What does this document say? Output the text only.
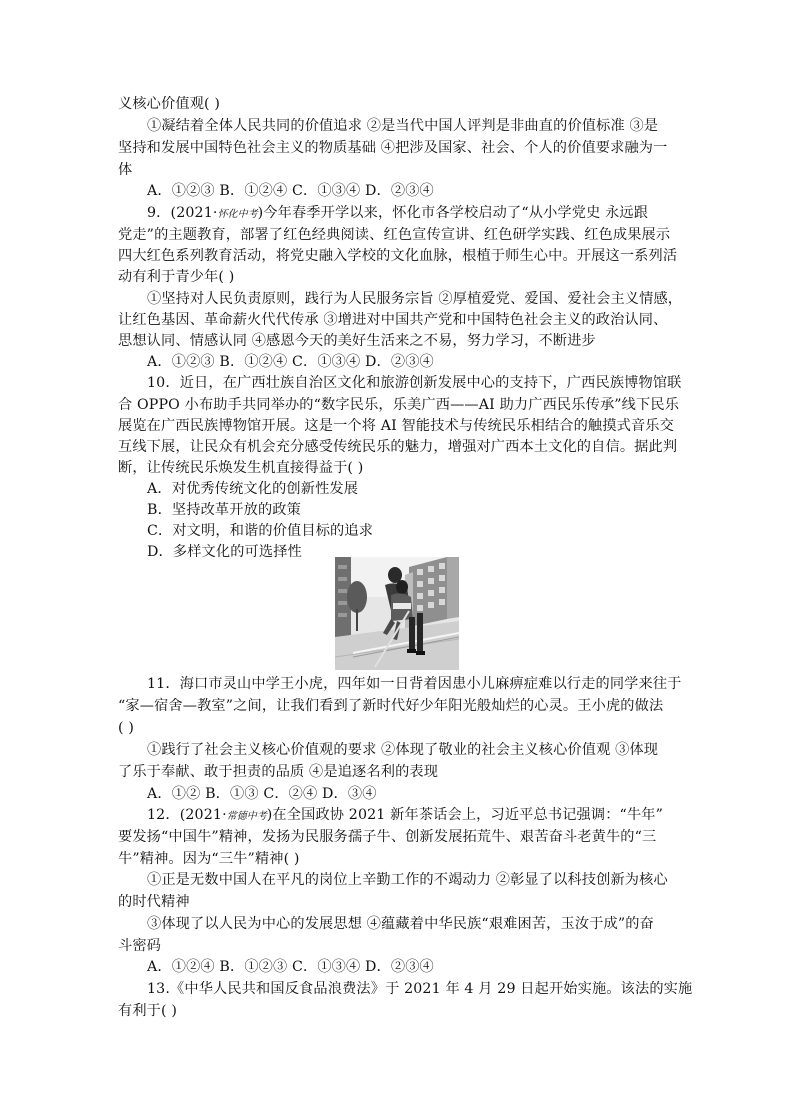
义核心价值观( )
①凝结着全体人民共同的价值追求 ②是当代中国人评判是非曲直的价值标准 ③是
坚持和发展中国特色社会主义的物质基础 ④把涉及国家、社会、个人的价值要求融为一
体
A．①②③ B．①②④ C．①③④ D．②③④
9．(2021·怀化中考)今年春季开学以来，怀化市各学校启动了“从小学党史 永远跟
党走”的主题教育，部署了红色经典阅读、红色宣传宣讲、红色研学实践、红色成果展示
四大红色系列教育活动，将党史融入学校的文化血脉，根植于师生心中。开展这一系列活
动有利于青少年( )
①坚持对人民负责原则，践行为人民服务宗旨 ②厚植爱党、爱国、爱社会主义情感，
让红色基因、革命薪火代代传承 ③增进对中国共产党和中国特色社会主义的政治认同、
思想认同、情感认同 ④感恩今天的美好生活来之不易，努力学习，不断进步
A．①②③ B．①②④ C．①③④ D．②③④
10．近日，在广西壮族自治区文化和旅游创新发展中心的支持下，广西民族博物馆联
合 OPPO 小布助手共同举办的“数字民乐，乐美广西——AI 助力广西民乐传承”线下民乐
展览在广西民族博物馆开展。这是一个将 AI 智能技术与传统民乐相结合的触摸式音乐交
互线下展，让民众有机会充分感受传统民乐的魅力，增强对广西本土文化的自信。据此判
断，让传统民乐焕发生机直接得益于( )
A．对优秀传统文化的创新性发展
B．坚持改革开放的政策
C．对文明，和谐的价值目标的追求
D．多样文化的可选择性
11．海口市灵山中学王小虎，四年如一日背着因患小儿麻痹症难以行走的同学来往于
“家—宿舍—教室”之间，让我们看到了新时代好少年阳光般灿烂的心灵。王小虎的做法
( )
①践行了社会主义核心价值观的要求 ②体现了敬业的社会主义核心价值观 ③体现
了乐于奉献、敢于担责的品质 ④是追逐名利的表现
A．①② B．①③ C．②④ D．③④
12．(2021·常德中考)在全国政协 2021 新年茶话会上，习近平总书记强调：“牛年”
要发扬“中国牛”精神，发扬为民服务孺子牛、创新发展拓荒牛、艰苦奋斗老黄牛的“三
牛”精神。因为“三牛”精神( )
①正是无数中国人在平凡的岗位上辛勤工作的不竭动力 ②彰显了以科技创新为核心
的时代精神
③体现了以人民为中心的发展思想 ④蕴藏着中华民族“艰难困苦，玉汝于成”的奋
斗密码
A．①②④ B．①②③ C．①③④ D．②③④
13.《中华人民共和国反食品浪费法》于 2021 年 4 月 29 日起开始实施。该法的实施
有利于( )
